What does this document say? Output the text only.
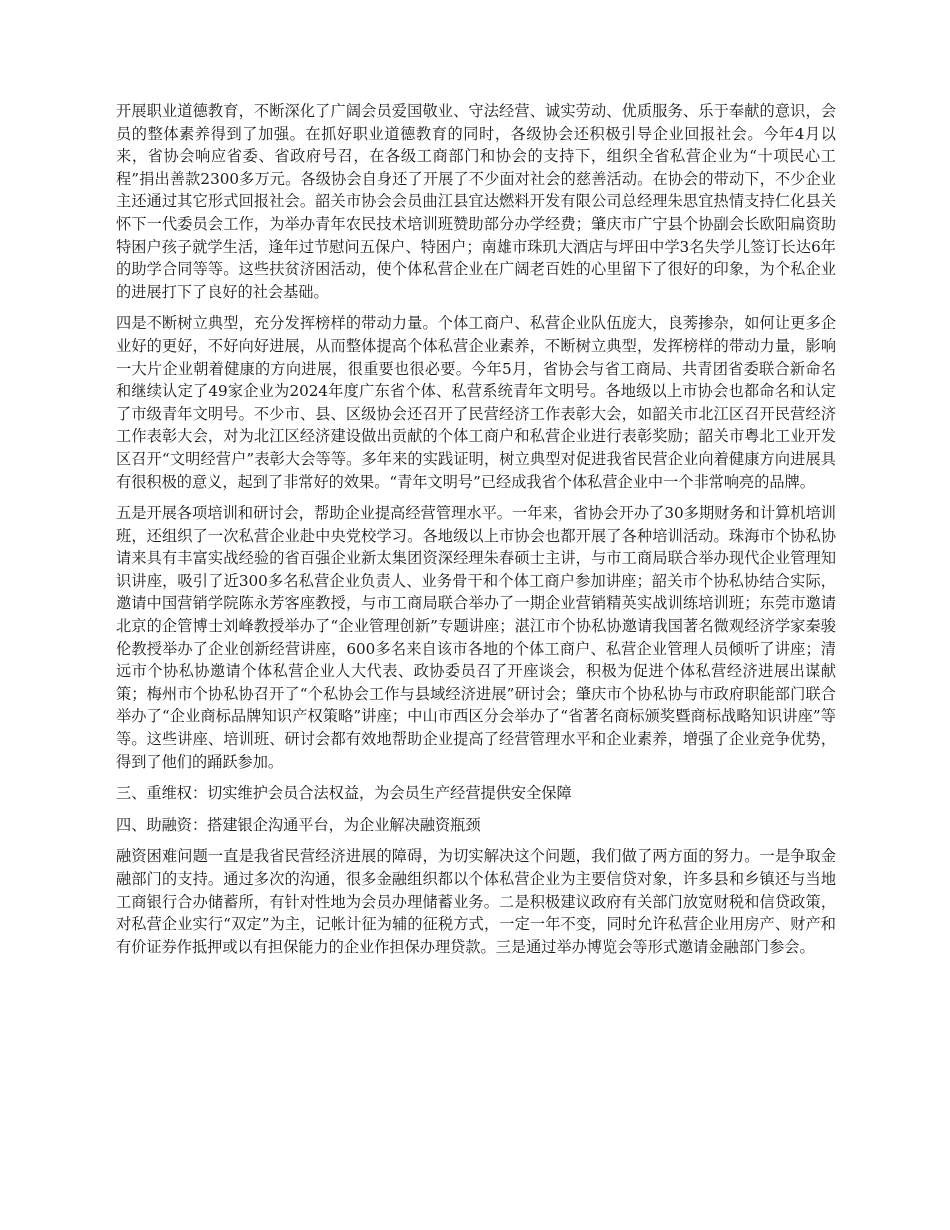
开展职业道德教育，不断深化了广阔会员爱国敬业、守法经营、诚实劳动、优质服务、乐于奉献的意识，会员的整体素养得到了加强。在抓好职业道德教育的同时，各级协会还积极引导企业回报社会。今年4月以来，省协会响应省委、省政府号召，在各级工商部门和协会的支持下，组织全省私营企业为“十项民心工程”捐出善款2300多万元。各级协会自身还了开展了不少面对社会的慈善活动。在协会的带动下，不少企业主还通过其它形式回报社会。韶关市协会会员曲江县宜达燃料开发有限公司总经理朱思宜热情支持仁化县关怀下一代委员会工作，为举办青年农民技术培训班赞助部分办学经费；肇庆市广宁县个协副会长欧阳扁资助特困户孩子就学生活，逢年过节慰问五保户、特困户；南雄市珠玑大酒店与坪田中学3名失学儿签订长达6年的助学合同等等。这些扶贫济困活动，使个体私营企业在广阔老百姓的心里留下了很好的印象，为个私企业的进展打下了良好的社会基础。

四是不断树立典型，充分发挥榜样的带动力量。个体工商户、私营企业队伍庞大，良莠掺杂，如何让更多企业好的更好，不好向好进展，从而整体提高个体私营企业素养，不断树立典型，发挥榜样的带动力量，影响一大片企业朝着健康的方向进展，很重要也很必要。今年5月，省协会与省工商局、共青团省委联合新命名和继续认定了49家企业为2024年度广东省个体、私营系统青年文明号。各地级以上市协会也都命名和认定了市级青年文明号。不少市、县、区级协会还召开了民营经济工作表彰大会，如韶关市北江区召开民营经济工作表彰大会，对为北江区经济建设做出贡献的个体工商户和私营企业进行表彰奖励；韶关市粤北工业开发区召开“文明经营户”表彰大会等等。多年来的实践证明，树立典型对促进我省民营企业向着健康方向进展具有很积极的意义，起到了非常好的效果。“青年文明号”已经成我省个体私营企业中一个非常响亮的品牌。

五是开展各项培训和研讨会，帮助企业提高经营管理水平。一年来，省协会开办了30多期财务和计算机培训班，还组织了一次私营企业赴中央党校学习。各地级以上市协会也都开展了各种培训活动。珠海市个协私协请来具有丰富实战经验的省百强企业新太集团资深经理朱春硕士主讲，与市工商局联合举办现代企业管理知识讲座，吸引了近300多名私营企业负责人、业务骨干和个体工商户参加讲座；韶关市个协私协结合实际，邀请中国营销学院陈永芳客座教授，与市工商局联合举办了一期企业营销精英实战训练培训班；东莞市邀请北京的企管博士刘峰教授举办了“企业管理创新”专题讲座；湛江市个协私协邀请我国著名微观经济学家秦骏伦教授举办了企业创新经营讲座，600多名来自该市各地的个体工商户、私营企业管理人员倾听了讲座；清远市个协私协邀请个体私营企业人大代表、政协委员召了开座谈会，积极为促进个体私营经济进展出谋献策；梅州市个协私协召开了“个私协会工作与县域经济进展”研讨会；肇庆市个协私协与市政府职能部门联合举办了“企业商标品牌知识产权策略”讲座；中山市西区分会举办了“省著名商标颁奖暨商标战略知识讲座”等等。这些讲座、培训班、研讨会都有效地帮助企业提高了经营管理水平和企业素养，增强了企业竞争优势，得到了他们的踊跃参加。

三、重维权：切实维护会员合法权益，为会员生产经营提供安全保障

四、助融资：搭建银企沟通平台，为企业解决融资瓶颈

融资困难问题一直是我省民营经济进展的障碍，为切实解决这个问题，我们做了两方面的努力。一是争取金融部门的支持。通过多次的沟通，很多金融组织都以个体私营企业为主要信贷对象，许多县和乡镇还与当地工商银行合办储蓄所，有针对性地为会员办理储蓄业务。二是积极建议政府有关部门放宽财税和信贷政策，对私营企业实行“双定”为主，记帐计征为辅的征税方式，一定一年不变，同时允许私营企业用房产、财产和有价证券作抵押或以有担保能力的企业作担保办理贷款。三是通过举办博览会等形式邀请金融部门参会。
